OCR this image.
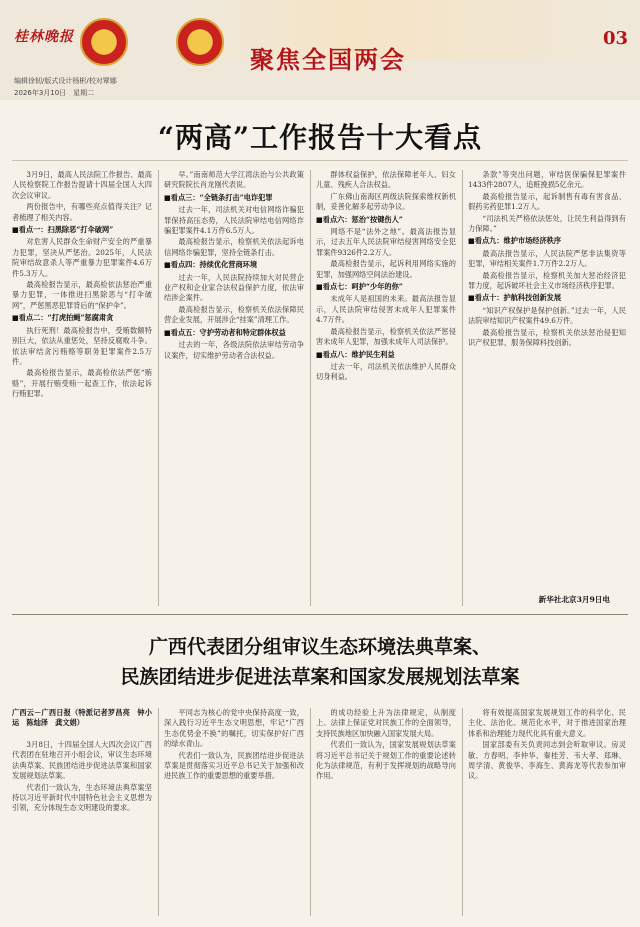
桂林晚报
聚焦全国两会
03
编辑徐韧/版式设计杨彬/校对覃娜
2026年3月10日　星期二
“两高”工作报告十大看点

3月9日，最高人民法院工作报告、最高人民检察院工作报告提请十四届全国人大四次会议审议。

两份报告中，有哪些亮点值得关注？记者梳理了相关内容。

■看点一：扫黑除恶“打伞破网”

对危害人民群众生命财产安全的严重暴力犯罪，坚决从严惩治。2025年，人民法院审结故意杀人等严重暴力犯罪案件4.6万件5.3万人。

最高检报告显示，最高检依法惩治严重暴力犯罪，一体推进扫黑除恶与“打伞破网”，严惩黑恶犯罪背后的“保护伞”。

■看点二：“打虎拍蝇”惩腐肃贪

执行死刑！最高检报告中，受贿数额特别巨大，依法从重惩处，坚持反腐败斗争。依法审结贪污贿赂等职务犯罪案件2.5万件。

最高检报告显示，最高检依法严惩“贿赂”，开展行贿受贿一起查工作，依法起诉行贿犯罪。

早。”南南师范大学江湾法治与公共政策研究院院长肖龙刚代表说。

■看点三：“全链条打击”电诈犯罪

过去一年，司法机关对电信网络诈骗犯罪保持高压态势，人民法院审结电信网络诈骗犯罪案件4.1万件6.5万人。

最高检报告显示，检察机关依法起诉电信网络诈骗犯罪，坚持全链条打击。

■看点四：持续优化营商环境

过去一年，人民法院持续加大对民营企业产权和企业家合法权益保护力度，依法审结涉企案件。

最高检报告显示，检察机关依法保障民营企业发展，开展涉企“挂案”清理工作。

■看点五：守护劳动者和特定群体权益

过去的一年，各级法院依法审结劳动争议案件，切实维护劳动者合法权益。

群体权益保护，依法保障老年人、妇女儿童、残疾人合法权益。

广东佛山南海区两级法院探索维权新机制，妥善化解多起劳动争议。

■看点六：惩治“按键伤人”

网络不是“法外之地”。最高法报告显示，过去五年人民法院审结侵害网络安全犯罪案件9326件2.2万人。

最高检报告显示，起诉利用网络实施的犯罪，加强网络空间法治建设。

■看点七：呵护“少年的你”

未成年人是祖国的未来。最高法报告显示，人民法院审结侵害未成年人犯罪案件4.7万件。

最高检报告显示，检察机关依法严惩侵害未成年人犯罪，加强未成年人司法保护。

■看点八：维护民生利益

过去一年，司法机关依法维护人民群众切身利益。

条款”等突出问题，审结医保骗保犯罪案件1433件2807人，追赃挽损5亿余元。

最高检报告显示，起诉制售有毒有害食品、假药劣药犯罪1.2万人。

“司法机关严格依法惩处，让民生利益得到有力保障。”

■看点九：维护市场经济秩序

最高法报告显示，人民法院严惩非法集资等犯罪，审结相关案件1.7万件2.2万人。

最高检报告显示，检察机关加大惩治经济犯罪力度，起诉破坏社会主义市场经济秩序犯罪。

■看点十：护航科技创新发展

“知识产权保护是保护创新。”过去一年，人民法院审结知识产权案件49.6万件。

最高检报告显示，检察机关依法惩治侵犯知识产权犯罪，服务保障科技创新。

新华社北京3月9日电
广西代表团分组审议生态环境法典草案、
民族团结进步促进法草案和国家发展规划法草案
广西云－广西日报（特派记者罗昌亮　钟小运　陈灿泽　龚文娟）

3月8日，十四届全国人大四次会议广西代表团在驻地召开小组会议，审议生态环境法典草案、民族团结进步促进法草案和国家发展规划法草案。

代表们一致认为，生态环境法典草案坚持以习近平新时代中国特色社会主义思想为引领，充分体现生态文明建设的要求。

平同志为核心的党中央保持高度一致，深入践行习近平生态文明思想，牢记“广西生态优势金不换”的嘱托，切实保护好广西的绿水青山。

代表们一致认为，民族团结进步促进法草案是贯彻落实习近平总书记关于加强和改进民族工作的重要思想的重要举措。

的成功经验上升为法律规定，从制度上、法律上保证党对民族工作的全面领导，支持民族地区加快融入国家发展大局。

代表们一致认为，国家发展规划法草案将习近平总书记关于规划工作的重要论述转化为法律规范，有利于发挥规划的战略导向作用。

将有效提高国家发展规划工作的科学化、民主化、法治化、规范化水平，对于推进国家治理体系和治理能力现代化具有重大意义。

国家部委有关负责同志到会听取审议。房灵敏、方春明、李仲华、秦桂芳、韦大孝、郑琳、周学清、黄俊华、李海生、黄海龙等代表参加审议。
